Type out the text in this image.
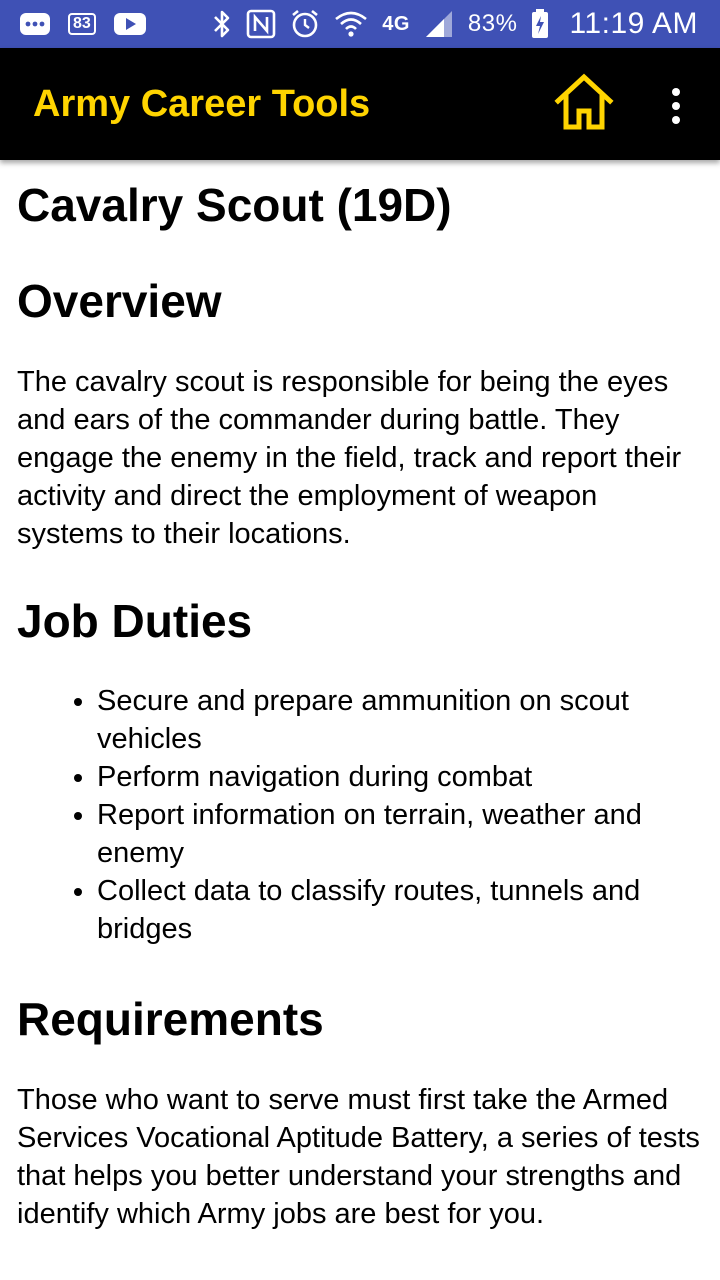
83	4G 83% 11:19 AM
Army Career Tools
Cavalry Scout (19D)
Overview

The cavalry scout is responsible for being the eyes and ears of the commander during battle. They engage the enemy in the field, track and report their activity and direct the employment of weapon systems to their locations.

Job Duties
• Secure and prepare ammunition on scout vehicles
• Perform navigation during combat
• Report information on terrain, weather and enemy
• Collect data to classify routes, tunnels and bridges
Requirements

Those who want to serve must first take the Armed Services Vocational Aptitude Battery, a series of tests that helps you better understand your strengths and identify which Army jobs are best for you.
